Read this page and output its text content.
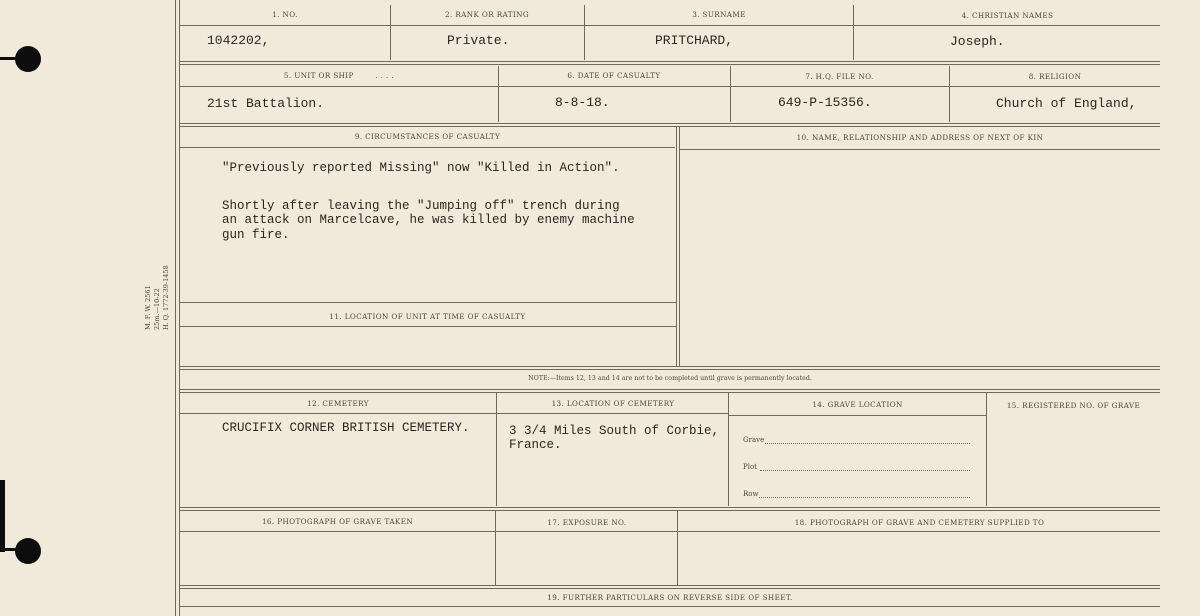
M. F. W. 2561 25m.—10-22 H. Q. 1772-39-1458
1. NO.	2. RANK OR RATING	3. SURNAME	4. CHRISTIAN NAMES
1042202,	Private.	PRITCHARD,	Joseph.
5. UNIT OR SHIP	. . . .	6. DATE OF CASUALTY	7. H.Q. FILE NO.	8. RELIGION
21st Battalion.	8-8-18.	649-P-15356.	Church of England,
9. CIRCUMSTANCES OF CASUALTY	10. NAME, RELATIONSHIP AND ADDRESS OF NEXT OF KIN
"Previously reported Missing" now "Killed in Action".
Shortly after leaving the "Jumping off" trench during
an attack on Marcelcave, he was killed by enemy machine
gun fire.
11. LOCATION OF UNIT AT TIME OF CASUALTY
NOTE:—Items 12, 13 and 14 are not to be completed until grave is permanently located.
12. CEMETERY	13. LOCATION OF CEMETERY	14. GRAVE LOCATION	15. REGISTERED NO. OF GRAVE
CRUCIFIX CORNER BRITISH CEMETERY.	3 3/4 Miles South of Corbie,
France.	Grave
Plot
Row
16. PHOTOGRAPH OF GRAVE TAKEN	17. EXPOSURE NO.	18. PHOTOGRAPH OF GRAVE AND CEMETERY SUPPLIED TO
19. FURTHER PARTICULARS ON REVERSE SIDE OF SHEET.
